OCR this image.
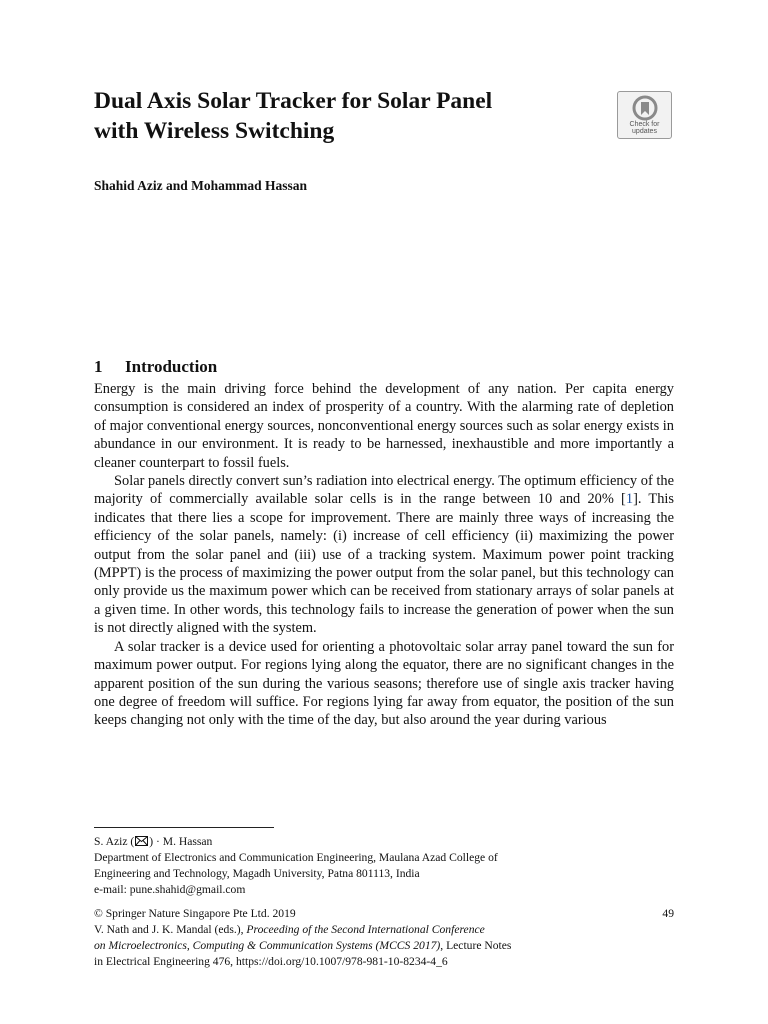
Dual Axis Solar Tracker for Solar Panel
with Wireless Switching	Check for
updates
Shahid Aziz and Mohammad Hassan
1 Introduction

Energy is the main driving force behind the development of any nation. Per capita energy consumption is considered an index of prosperity of a country. With the alarming rate of depletion of major conventional energy sources, nonconventional energy sources such as solar energy exists in abundance in our environment. It is ready to be harnessed, inexhaustible and more importantly a cleaner counterpart to fossil fuels.

Solar panels directly convert sun’s radiation into electrical energy. The optimum efficiency of the majority of commercially available solar cells is in the range between 10 and 20% [1]. This indicates that there lies a scope for improvement. There are mainly three ways of increasing the efficiency of the solar panels, namely: (i) increase of cell efficiency (ii) maximizing the power output from the solar panel and (iii) use of a tracking system. Maximum power point tracking (MPPT) is the process of maximizing the power output from the solar panel, but this technology can only provide us the maximum power which can be received from stationary arrays of solar panels at a given time. In other words, this technology fails to increase the generation of power when the sun is not directly aligned with the system.

A solar tracker is a device used for orienting a photovoltaic solar array panel toward the sun for maximum power output. For regions lying along the equator, there are no significant changes in the apparent position of the sun during the various seasons; therefore use of single axis tracker having one degree of freedom will suffice. For regions lying far away from equator, the position of the sun keeps changing not only with the time of the day, but also around the year during various

S. Aziz ( ) · M. Hassan
Department of Electronics and Communication Engineering, Maulana Azad College of
Engineering and Technology, Magadh University, Patna 801113, India
e-mail: pune.shahid@gmail.com
© Springer Nature Singapore Pte Ltd. 2019
V. Nath and J. K. Mandal (eds.), Proceeding of the Second International Conference
on Microelectronics, Computing & Communication Systems (MCCS 2017), Lecture Notes
in Electrical Engineering 476, https://doi.org/10.1007/978-981-10-8234-4_6
49
